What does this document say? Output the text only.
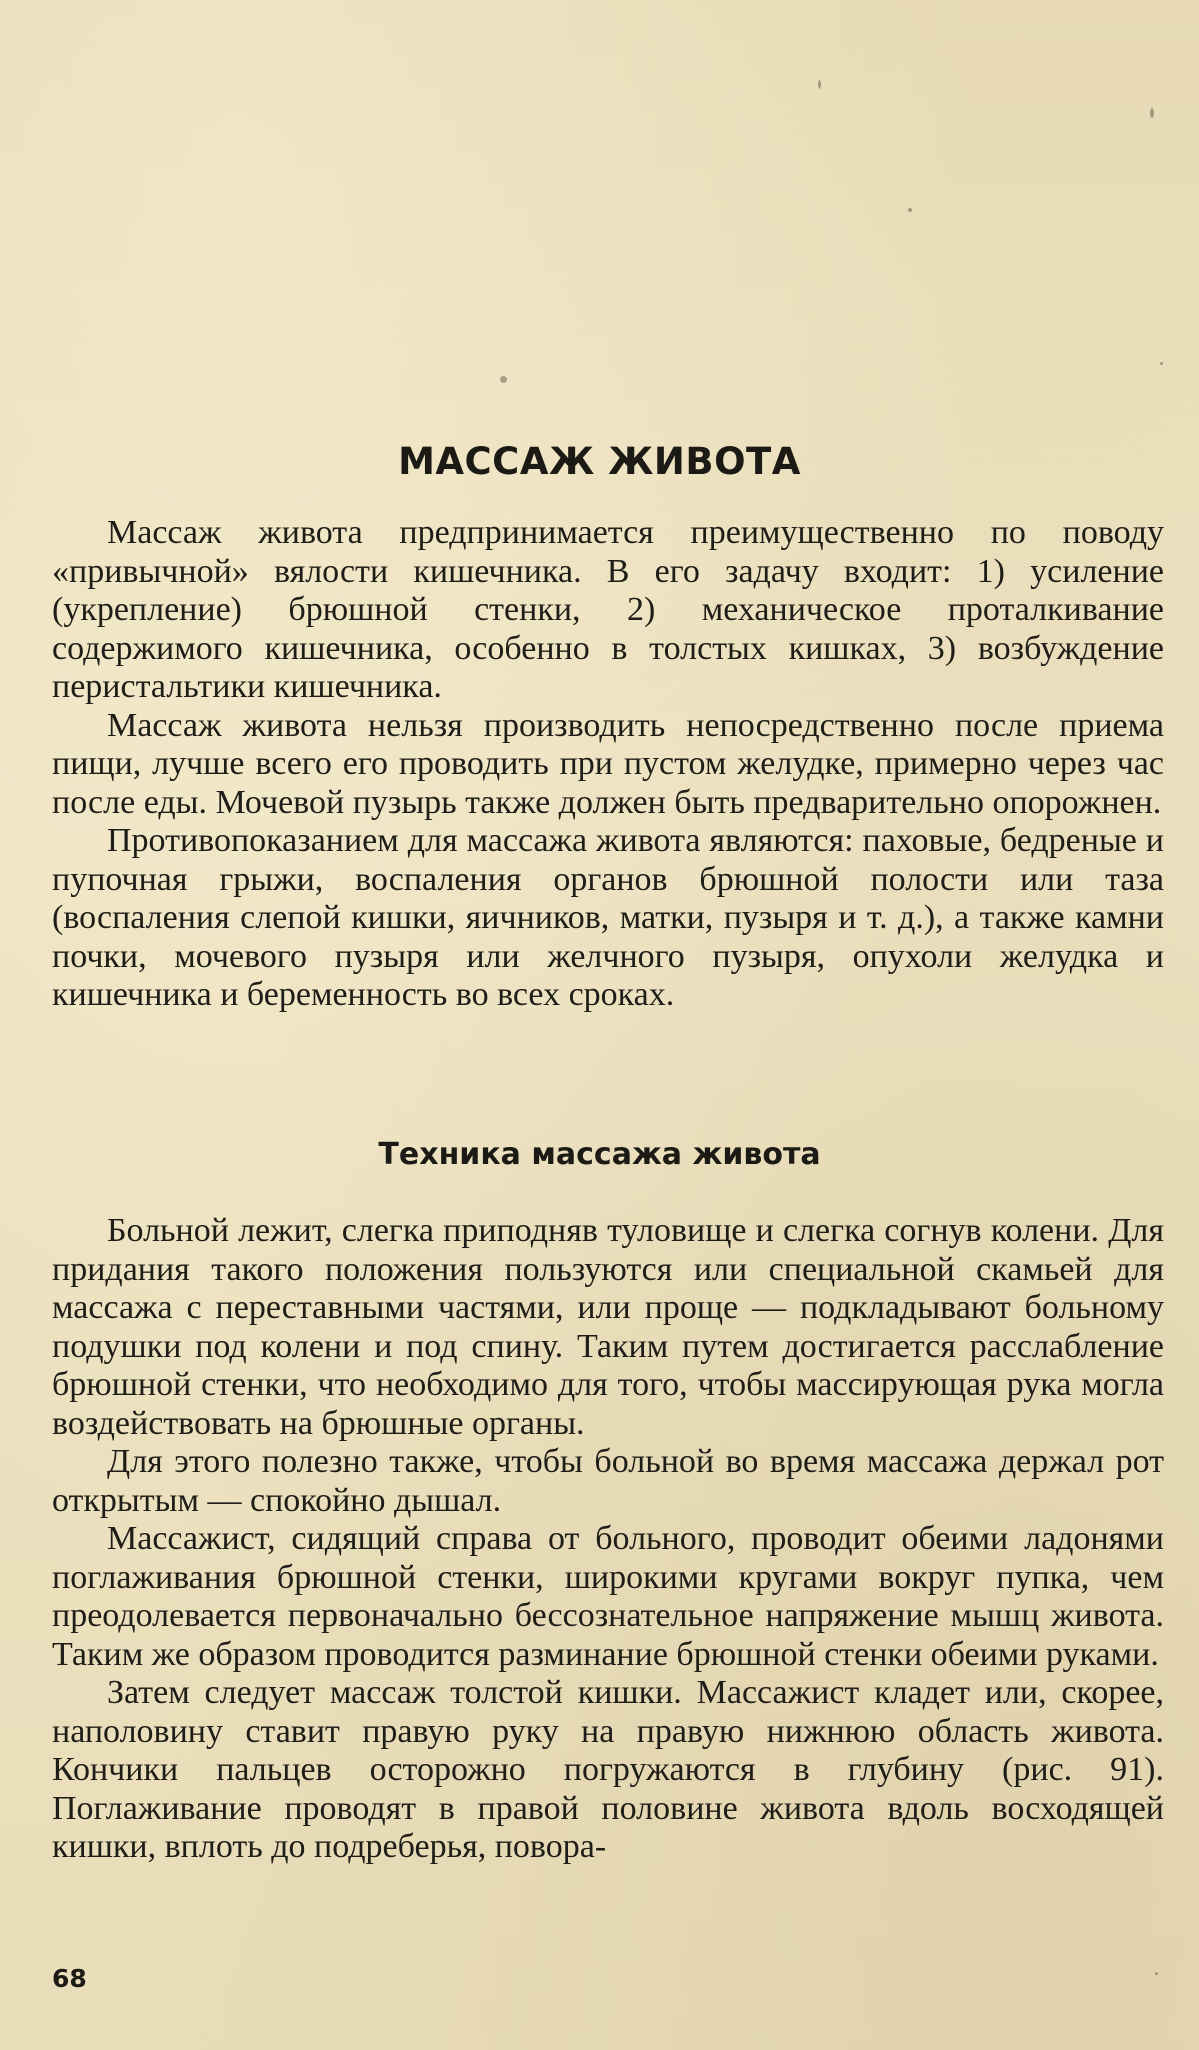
МАССАЖ ЖИВОТА

Массаж живота предпринимается преимущественно по поводу «привычной» вялости кишечника. В его задачу входит: 1) усиление (укрепление) брюшной стенки, 2) механическое проталкивание содержимого кишечника, особенно в толстых кишках, 3) возбуждение перистальтики кишечника.

Массаж живота нельзя производить непосредственно после приема пищи, лучше всего его проводить при пустом желудке, примерно через час после еды. Мочевой пузырь также должен быть предварительно опорожнен.

Противопоказанием для массажа живота являются: паховые, бедреные и пупочная грыжи, воспаления органов брюшной полости или таза (воспаления слепой кишки, яичников, матки, пузыря и т. д.), а также камни почки, мочевого пузыря или желчного пузыря, опухоли желудка и кишечника и беременность во всех сроках.

Техника массажа живота

Больной лежит, слегка приподняв туловище и слегка согнув колени. Для придания такого положения пользуются или специальной скамьей для массажа с переставными частями, или проще — подкладывают больному подушки под колени и под спину. Таким путем достигается расслабление брюшной стенки, что необходимо для того, чтобы массирующая рука могла воздействовать на брюшные органы.

Для этого полезно также, чтобы больной во время массажа держал рот открытым — спокойно дышал.

Массажист, сидящий справа от больного, проводит обеими ладонями поглаживания брюшной стенки, широкими кругами вокруг пупка, чем преодолевается первоначально бессознательное напряжение мышц живота. Таким же образом проводится разминание брюшной стенки обеими руками.

Затем следует массаж толстой кишки. Массажист кладет или, скорее, наполовину ставит правую руку на правую нижнюю область живота. Кончики пальцев осторожно погружаются в глубину (рис. 91). Поглаживание проводят в правой половине живота вдоль восходящей кишки, вплоть до подреберья, повора-

68
